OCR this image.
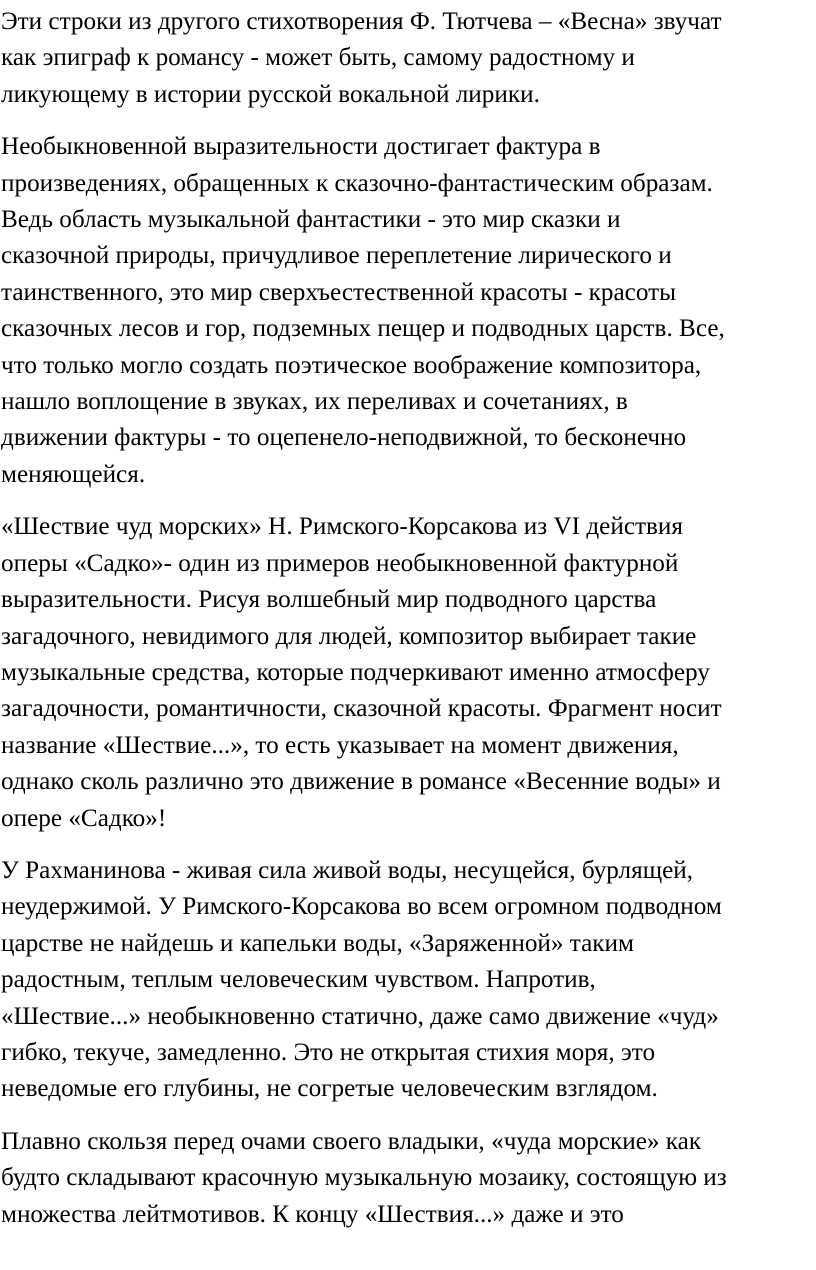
Эти строки из другого стихотворения Ф. Тютчева – «Весна» звучат
как эпиграф к романсу - может быть, самому радостному и
ликующему в истории русской вокальной лирики.

Необыкновенной выразительности достигает фактура в
произведениях, обращенных к сказочно-фантастическим образам.
Ведь область музыкальной фантастики - это мир сказки и
сказочной природы, причудливое переплетение лирического и
таинственного, это мир сверхъестественной красоты - красоты
сказочных лесов и гор, подземных пещер и подводных царств. Все,
что только могло создать поэтическое воображение композитора,
нашло воплощение в звуках, их переливах и сочетаниях, в
движении фактуры - то оцепенело-неподвижной, то бесконечно
меняющейся.

«Шествие чуд морских» Н. Римского-Корсакова из VI действия
оперы «Садко»- один из примеров необыкновенной фактурной
выразительности. Рисуя волшебный мир подводного царства
загадочного, невидимого для людей, композитор выбирает такие
музыкальные средства, которые подчеркивают именно атмосферу
загадочности, романтичности, сказочной красоты. Фрагмент носит
название «Шествие...», то есть указывает на момент движения,
однако сколь различно это движение в романсе «Весенние воды» и
опере «Садко»!

У Рахманинова - живая сила живой воды, несущейся, бурлящей,
неудержимой. У Римского-Корсакова во всем огромном подводном
царстве не найдешь и капельки воды, «Заряженной» таким
радостным, теплым человеческим чувством. Напротив,
«Шествие...» необыкновенно статично, даже само движение «чуд»
гибко, текуче, замедленно. Это не открытая стихия моря, это
неведомые его глубины, не согретые человеческим взглядом.

Плавно скользя перед очами своего владыки, «чуда морские» как
будто складывают красочную музыкальную мозаику, состоящую из
множества лейтмотивов. К концу «Шествия...» даже и это
